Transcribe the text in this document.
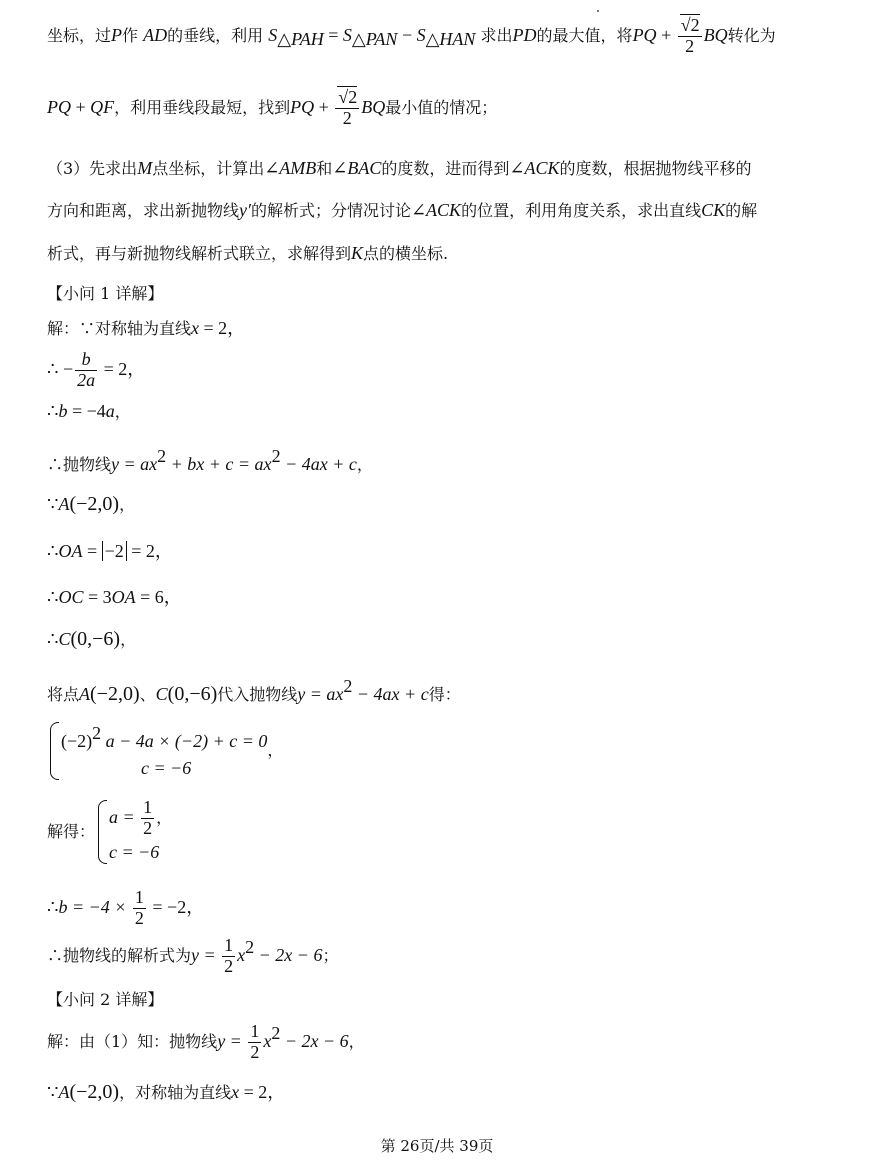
坐标，过P作 AD的垂线，利用 $S_{\triangle PAH} = S_{\triangle PAN} - S_{\triangle HAN}$ 求出PD的最大值，将PQ + $\frac{√2}{2}$ BQ转化为
PQ + QF，利用垂线段最短，找到PQ + $\frac{√2}{2}$ BQ最小值的情况；
（3）先求出M点坐标，计算出∠AMB和∠BAC的度数，进而得到∠ACK的度数，根据抛物线平移的
方向和距离，求出新抛物线y′的解析式；分情况讨论∠ACK的位置，利用角度关系，求出直线CK的解
析式，再与新抛物线解析式联立，求解得到K点的横坐标.
【小问 1 详解】
解：∵对称轴为直线x = 2，
∴ − $\frac{b}{2a} = 2$，
∴b = −4a，
∴抛物线$y = ax^2$ + bx + $c = ax^2 - 4ax + c$，
∵A(−2,0)，
∴OA = −2 = 2，
∴OC = 3OA = 6，
∴C(0,−6)，
将点A(−2,0)、C(0,−6)代入抛物线$y = ax^2 - 4ax + c$得：
$(-2)^2$ a − 4a × (−2) + c = 0
c = −6
，
解得：
$a = \frac{1}{2}$ ，
c = −6
∴b = $-4 \times \frac{1}{2} = -2$，
∴抛物线的解析式为$y = \frac{1}{2} x^2 - 2x - 6$；
【小问 2 详解】
解：由（1）知：抛物线$y = \frac{1}{2} x^2 - 2x - 6$，
∵A(−2,0)，对称轴为直线x = 2，
第 26页/共 39页
